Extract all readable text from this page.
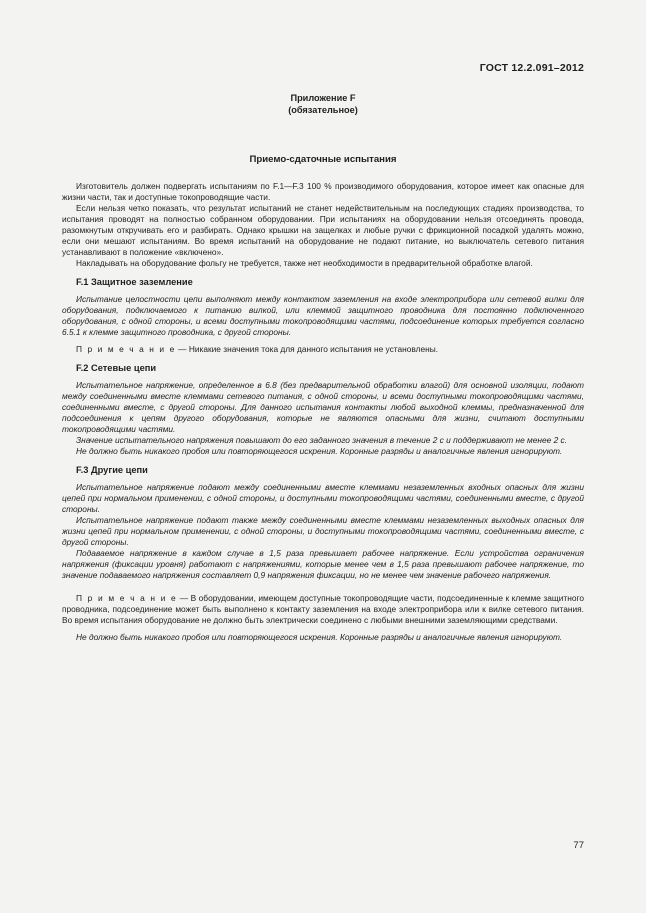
ГОСТ 12.2.091–2012
Приложение F
(обязательное)
Приемо-сдаточные испытания

Изготовитель должен подвергать испытаниям по F.1—F.3 100 % производимого оборудования, которое имеет как опасные для жизни части, так и доступные токопроводящие части.

Если нельзя четко показать, что результат испытаний не станет недействительным на последующих стадиях производства, то испытания проводят на полностью собранном оборудовании. При испытаниях на оборудовании нельзя отсоединять провода, разомкнутым откручивать его и разбирать. Однако крышки на защелках и любые ручки с фрикционной посадкой удалять можно, если они мешают испытаниям. Во время испытаний на оборудование не подают питание, но выключатель сетевого питания устанавливают в положение «включено».

Накладывать на оборудование фольгу не требуется, также нет необходимости в предварительной обработке влагой.

F.1 Защитное заземление

Испытание целостности цепи выполняют между контактом заземления на входе электроприбора или сетевой вилки для оборудования, подключаемого к питанию вилкой, или клеммой защитного проводника для постоянно подключенного оборудования, с одной стороны, и всеми доступными токопроводящими частями, подсоединение которых требуется согласно 6.5.1 к клемме защитного проводника, с другой стороны.

П р и м е ч а н и е — Никакие значения тока для данного испытания не установлены.

F.2 Сетевые цепи

Испытательное напряжение, определенное в 6.8 (без предварительной обработки влагой) для основной изоляции, подают между соединенными вместе клеммами сетевого питания, с одной стороны, и всеми доступными токопроводящими частями, соединенными вместе, с другой стороны. Для данного испытания контакты любой выходной клеммы, предназначенной для подсоединения к цепям другого оборудования, которые не являются опасными для жизни, считают доступными токопроводящими частями.

Значение испытательного напряжения повышают до его заданного значения в течение 2 с и поддерживают не менее 2 с.

Не должно быть никакого пробоя или повторяющегося искрения. Коронные разряды и аналогичные явления игнорируют.

F.3 Другие цепи

Испытательное напряжение подают между соединенными вместе клеммами незаземленных входных опасных для жизни цепей при нормальном применении, с одной стороны, и доступными токопроводящими частями, соединенными вместе, с другой стороны.

Испытательное напряжение подают также между соединенными вместе клеммами незаземленных выходных опасных для жизни цепей при нормальном применении, с одной стороны, и доступными токопроводящими частями, соединенными вместе, с другой стороны.

Подаваемое напряжение в каждом случае в 1,5 раза превышает рабочее напряжение. Если устройства ограничения напряжения (фиксации уровня) работают с напряжениями, которые менее чем в 1,5 раза превышают рабочее напряжение, то значение подаваемого напряжения составляет 0,9 напряжения фиксации, но не менее чем значение рабочего напряжения.

П р и м е ч а н и е — В оборудовании, имеющем доступные токопроводящие части, подсоединенные к клемме защитного проводника, подсоединение может быть выполнено к контакту заземления на входе электроприбора или к вилке сетевого питания. Во время испытания оборудование не должно быть электрически соединено с любыми внешними заземляющими средствами.

Не должно быть никакого пробоя или повторяющегося искрения. Коронные разряды и аналогичные явления игнорируют.

77
